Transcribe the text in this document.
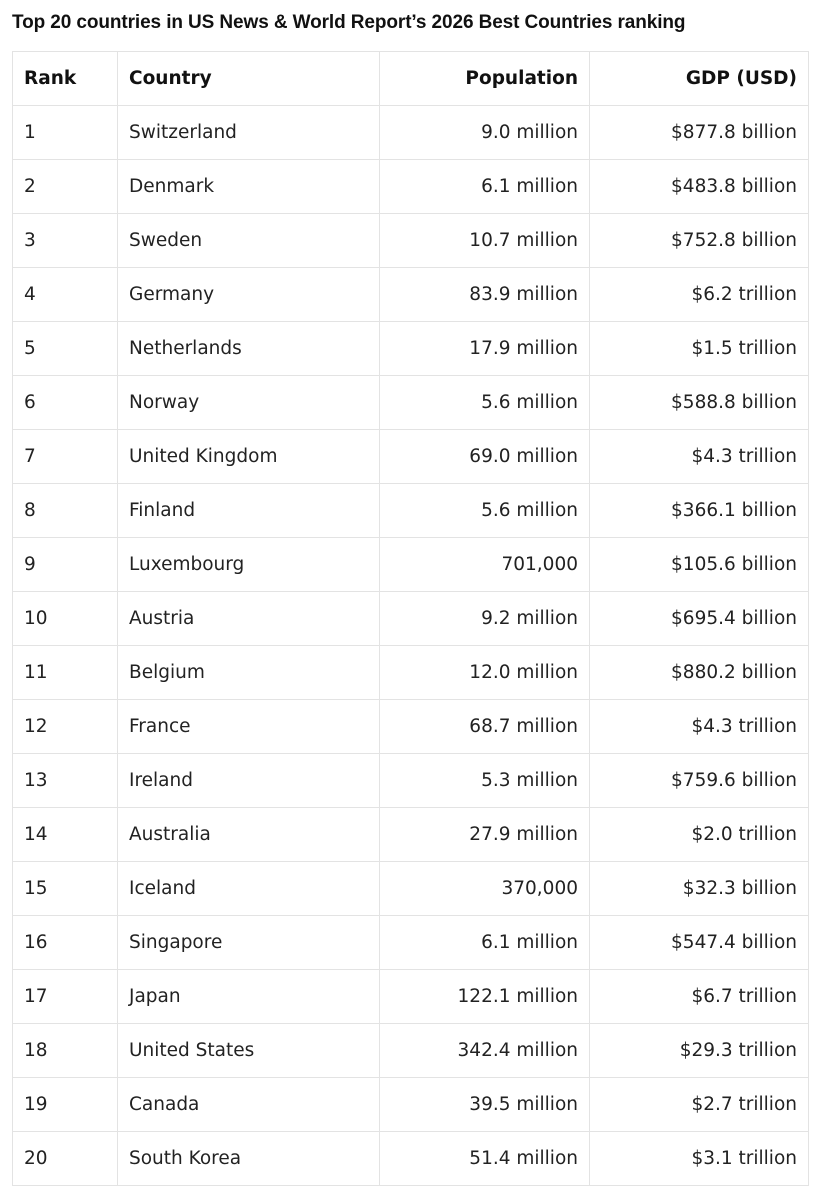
Top 20 countries in US News & World Report’s 2026 Best Countries ranking
Rank	Country	Population	GDP (USD)
1	Switzerland	9.0 million	$877.8 billion
2	Denmark	6.1 million	$483.8 billion
3	Sweden	10.7 million	$752.8 billion
4	Germany	83.9 million	$6.2 trillion
5	Netherlands	17.9 million	$1.5 trillion
6	Norway	5.6 million	$588.8 billion
7	United Kingdom	69.0 million	$4.3 trillion
8	Finland	5.6 million	$366.1 billion
9	Luxembourg	701,000	$105.6 billion
10	Austria	9.2 million	$695.4 billion
11	Belgium	12.0 million	$880.2 billion
12	France	68.7 million	$4.3 trillion
13	Ireland	5.3 million	$759.6 billion
14	Australia	27.9 million	$2.0 trillion
15	Iceland	370,000	$32.3 billion
16	Singapore	6.1 million	$547.4 billion
17	Japan	122.1 million	$6.7 trillion
18	United States	342.4 million	$29.3 trillion
19	Canada	39.5 million	$2.7 trillion
20	South Korea	51.4 million	$3.1 trillion
